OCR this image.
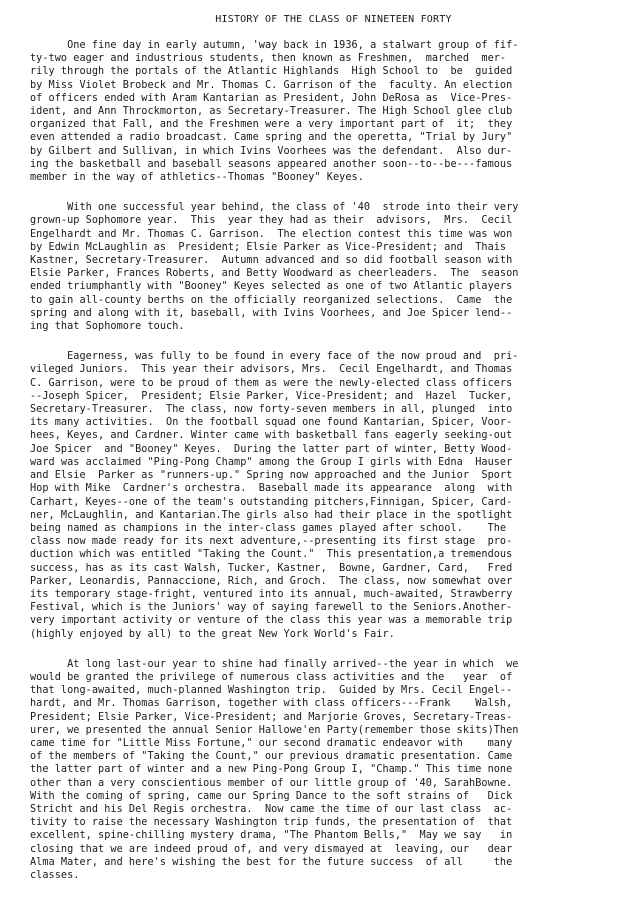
HISTORY OF THE CLASS OF NINETEEN FORTY
One fine day in early autumn, 'way back in 1936, a stalwart group of fif-
ty-two eager and industrious students, then known as Freshmen,  marched  mer-
rily through the portals of the Atlantic Highlands  High School to  be  guided
by Miss Violet Brobeck and Mr. Thomas C. Garrison of the  faculty. An election
of officers ended with Aram Kantarian as President, John DeRosa as  Vice-Pres-
ident, and Ann Throckmorton, as Secretary-Treasurer. The High School glee club
organized that Fall, and the Freshmen were a very important part of  it;  they
even attended a radio broadcast. Came spring and the operetta, "Trial by Jury"
by Gilbert and Sullivan, in which Ivins Voorhees was the defendant.  Also dur-
ing the basketball and baseball seasons appeared another soon--to--be---famous
member in the way of athletics--Thomas "Booney" Keyes.
With one successful year behind, the class of '40  strode into their very
grown-up Sophomore year.  This  year they had as their  advisors,  Mrs.  Cecil
Engelhardt and Mr. Thomas C. Garrison.  The election contest this time was won
by Edwin McLaughlin as  President; Elsie Parker as Vice-President; and  Thais
Kastner, Secretary-Treasurer.  Autumn advanced and so did football season with
Elsie Parker, Frances Roberts, and Betty Woodward as cheerleaders.  The  season
ended triumphantly with "Booney" Keyes selected as one of two Atlantic players
to gain all-county berths on the officially reorganized selections.  Came  the
spring and along with it, baseball, with Ivins Voorhees, and Joe Spicer lend--
ing that Sophomore touch.
Eagerness, was fully to be found in every face of the now proud and  pri-
vileged Juniors.  This year their advisors, Mrs.  Cecil Engelhardt, and Thomas
C. Garrison, were to be proud of them as were the newly-elected class officers
--Joseph Spicer,  President; Elsie Parker, Vice-President; and  Hazel  Tucker,
Secretary-Treasurer.  The class, now forty-seven members in all, plunged  into
its many activities.  On the football squad one found Kantarian, Spicer, Voor-
hees, Keyes, and Cardner. Winter came with basketball fans eagerly seeking-out
Joe Spicer  and "Booney" Keyes.  During the latter part of winter, Betty Wood-
ward was acclaimed "Ping-Pong Champ" among the Group I girls with Edna  Hauser
and Elsie  Parker as "runners-up." Spring now approached and the Junior  Sport
Hop with Mike  Cardner's orchestra.  Baseball made its appearance  along  with
Carhart, Keyes--one of the team's outstanding pitchers,Finnigan, Spicer, Card-
ner, McLaughlin, and Kantarian.The girls also had their place in the spotlight
being named as champions in the inter-class games played after school.    The
class now made ready for its next adventure,--presenting its first stage  pro-
duction which was entitled "Taking the Count."  This presentation,a tremendous
success, has as its cast Walsh, Tucker, Kastner,  Bowne, Gardner, Card,   Fred
Parker, Leonardis, Pannaccione, Rich, and Groch.  The class, now somewhat over
its temporary stage-fright, ventured into its annual, much-awaited, Strawberry
Festival, which is the Juniors' way of saying farewell to the Seniors.Another-
very important activity or venture of the class this year was a memorable trip
(highly enjoyed by all) to the great New York World's Fair.
At long last-our year to shine had finally arrived--the year in which  we
would be granted the privilege of numerous class activities and the   year  of
that long-awaited, much-planned Washington trip.  Guided by Mrs. Cecil Engel--
hardt, and Mr. Thomas Garrison, together with class officers---Frank    Walsh,
President; Elsie Parker, Vice-President; and Marjorie Groves, Secretary-Treas-
urer, we presented the annual Senior Hallowe'en Party(remember those skits)Then
came time for "Little Miss Fortune," our second dramatic endeavor with    many
of the members of "Taking the Count," our previous dramatic presentation. Came
the latter part of winter and a new Ping-Pong Group I, "Champ." This time none
other than a very conscientious member of our little group of '40, SarahBowne.
With the coming of spring, came our Spring Dance to the soft strains of   Dick
Stricht and his Del Regis orchestra.  Now came the time of our last class  ac-
tivity to raise the necessary Washington trip funds, the presentation of  that
excellent, spine-chilling mystery drama, "The Phantom Bells,"  May we say   in
closing that we are indeed proud of, and very dismayed at  leaving, our   dear
Alma Mater, and here's wishing the best for the future success  of all     the
classes.
